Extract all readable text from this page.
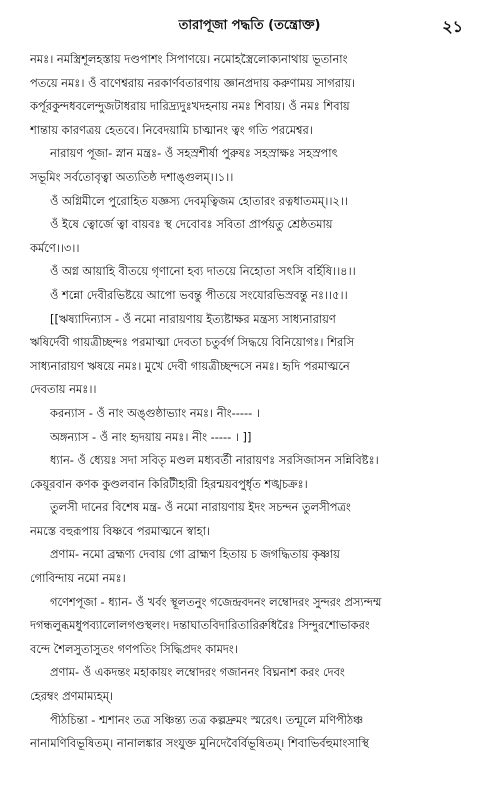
তারাপূজা পদ্ধতি (তন্ত্রোক্ত)	২১
নমঃ। নমস্ত্রিশূলহস্তায় দণ্ডপাশং সিপাণয়ে। নমোহস্ত্রৈলোক্যনাথায় ভূতানাং
পতয়ে নমঃ। ওঁ বাণেশ্বরায় নরকার্ণবতারণায় জ্ঞানপ্রদায় করুণাময় সাগরায়।
কর্পূরকুন্দধবলেন্দুজটাধরায় দারিদ্র্যদুঃখদহনায় নমঃ শিবায়। ওঁ নমঃ শিবায়
শান্তায় কারণত্রয় হেতবে। নিবেদয়ামি চাত্মানং ত্বং গতি পরমেশ্বর।
নারায়ণ পূজা- স্নান মন্ত্রঃ- ওঁ সহস্রশীর্ষা পুরুষঃ সহস্রাক্ষঃ সহস্রপাৎ
সভূমিং সর্বতোবৃত্বা অত্যতিষ্ঠ দশাঙ্গুলম্।।১।।
ওঁ অগ্নিমীলে পুরোহিত যজ্ঞস্য দেবমৃত্বিজম হোতারং রত্নধাতমম্।।২।।
ওঁ ইষে ত্বোর্জে ত্বা বায়বঃ স্থ দেবোবঃ সবিতা প্রার্পয়তু শ্রেষ্ঠতমায়
কর্মণে।।৩।।
ওঁ অগ্ন আয়াহি বীতয়ে গৃণানো হব্য দাতয়ে নিহোতা সৎসি বর্হিষি।।৪।।
ওঁ শন্নো দেবীরভিষ্টয়ে আপো ভবন্তু পীতয়ে সংযোরভিস্রবন্তু নঃ।।৫।।
[[ঋষ্যাদিন্যাস - ওঁ নমো নারায়ণায় ইত্যষ্টাক্ষর মন্ত্রস্য সাধ্যনারায়ণ
ঋষির্দেবী গায়ত্রীচ্ছন্দঃ পরমাত্মা দেবতা চতুর্বর্গ সিদ্ধয়ে বিনিয়োগঃ। শিরসি
সাধ্যনারায়ণ ঋষয়ে নমঃ। মুখে দেবী গায়ত্রীচ্ছন্দসে নমঃ। হৃদি পরমাত্মনে
দেবতায় নমঃ।।
করন্যাস - ওঁ নাং অঙ্গুষ্ঠাভ্যাং নমঃ। নীং----- ।
অঙ্গন্যাস - ওঁ নাং হৃদয়ায় নমঃ। নীং ----- । ]]
ধ্যান- ওঁ ধ্যেয়ঃ সদা সবিতৃ মণ্ডল মধ্যবর্তী নারায়ণঃ সরসিজাসন সন্নিবিষ্টঃ।
কেয়ূরবান কণক কুণ্ডলবান কিরিটীহারী হিরন্ময়বপুর্ধৃত শঙ্খচক্রঃ।
তুলসী দানের বিশেষ মন্ত্র- ওঁ নমো নারায়ণায় ইদং সচন্দন তুলসীপত্রং
নমস্তে বহুরূপায় বিষ্ণবে পরমাত্মনে স্বাহা।
প্রণাম- নমো ব্রহ্মণ্য দেবায় গো ব্রাহ্মণ হিতায় চ জগদ্ধিতায় কৃষ্ণায়
গোবিন্দায় নমো নমঃ।
গণেশপূজা - ধ্যান- ওঁ খর্বং স্থূলতনুং গজেন্দ্রবদনং লম্বোদরং সুন্দরং প্রস্যন্দম্ম
দগন্ধলুব্ধমধুপব্যালোলগণ্ডস্থলং। দন্তাঘাতবিদারিতারিরুধিরৈঃ সিন্দুরশোভাকরং
বন্দে শৈলসুতাসুতং গণপতিং সিদ্ধিপ্রদং কামদং।
প্রণাম- ওঁ একদন্তং মহাকায়ং লম্বোদরং গজাননং বিঘ্ননাশ করং দেবং
হেরম্বং প্রণমাম্যহম্।
পীঠচিন্তা - শ্মশানং তত্র সঞ্চিন্ত্য তত্র কল্পদ্রুমং স্মরেৎ। তন্মূলে মণিপীঠঞ্চ
নানামণিবিভূষিতম্। নানালঙ্কার সংযুক্ত মুনিদেবৈর্বিভূষিতম্। শিবাভির্বহুমাংসাস্থি
